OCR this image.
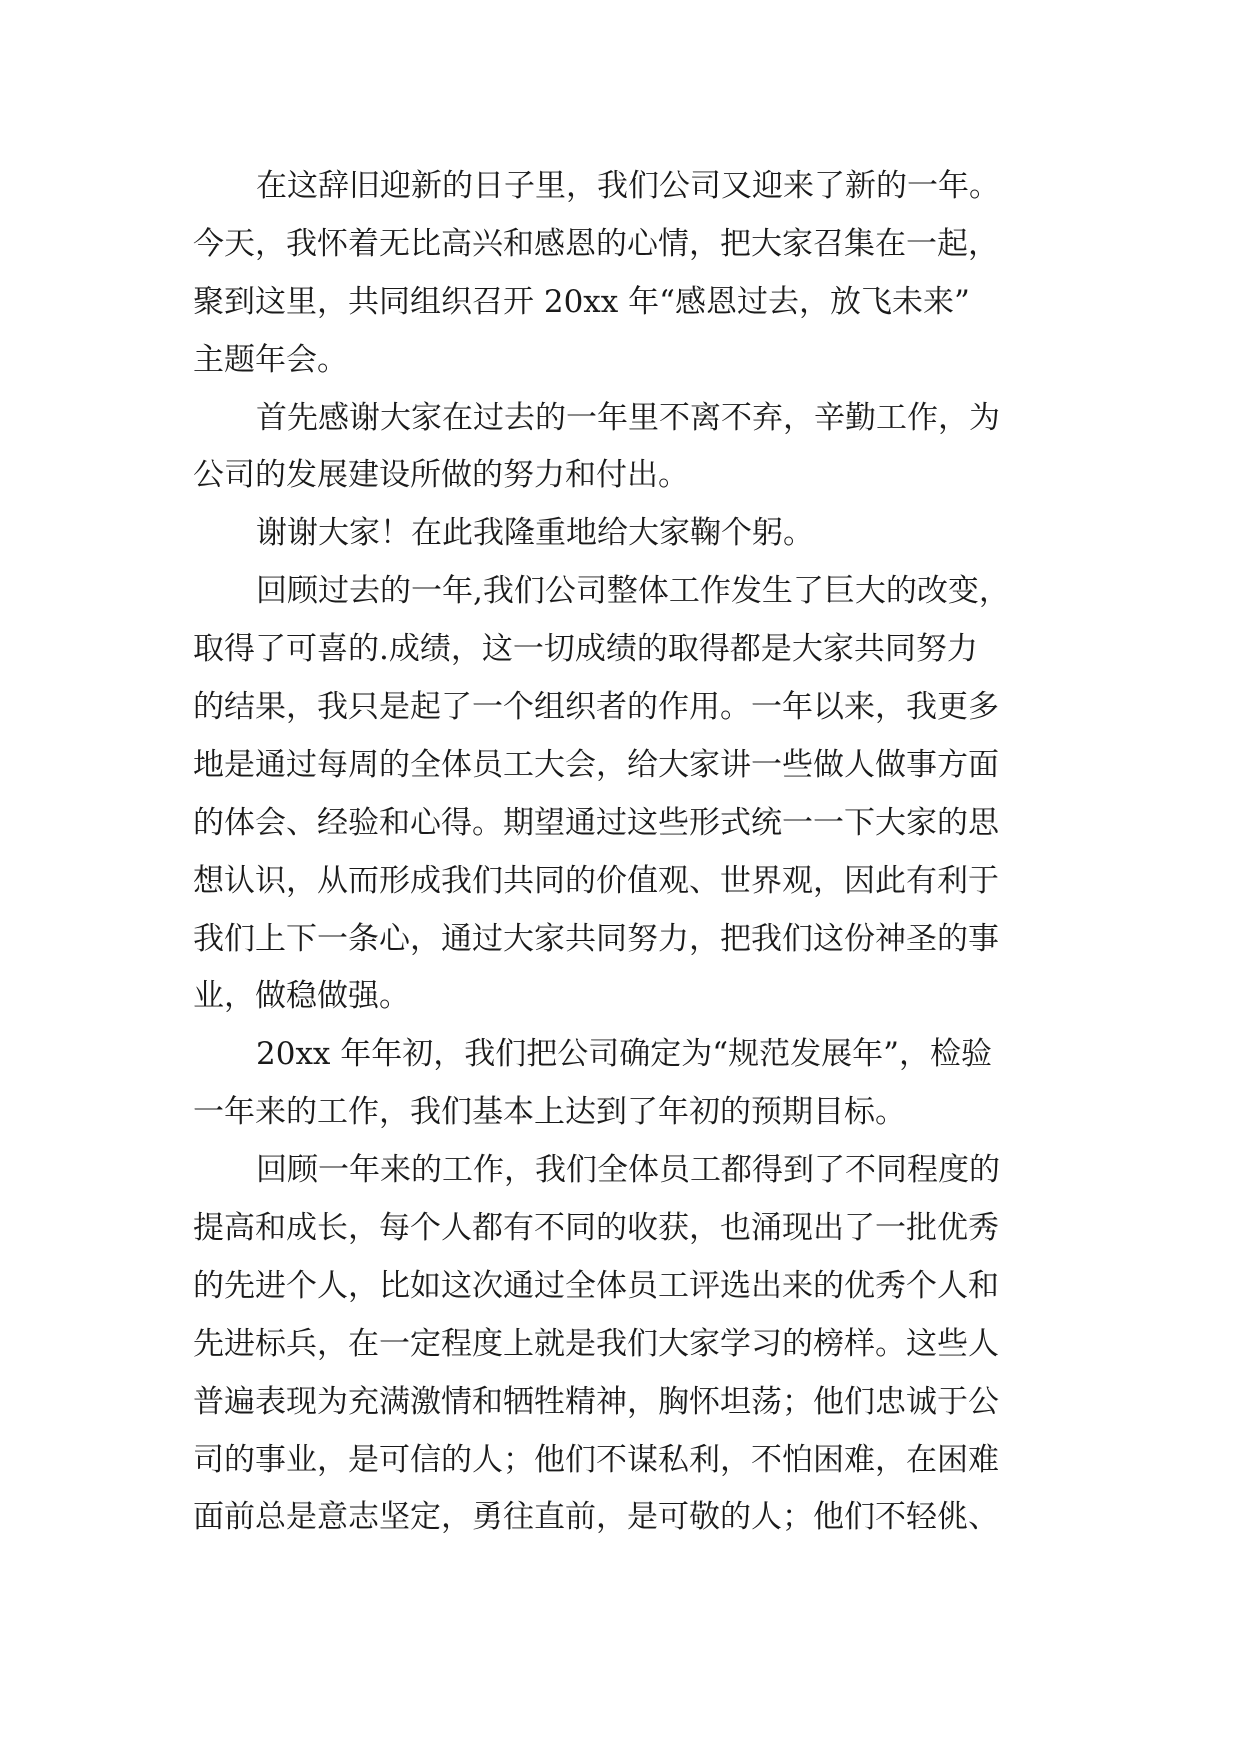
在这辞旧迎新的日子里，我们公司又迎来了新的一年。
今天，我怀着无比高兴和感恩的心情，把大家召集在一起，
聚到这里，共同组织召开 20xx 年“感恩过去，放飞未来”
主题年会。
首先感谢大家在过去的一年里不离不弃，辛勤工作，为
公司的发展建设所做的努力和付出。
谢谢大家！在此我隆重地给大家鞠个躬。
回顾过去的一年,我们公司整体工作发生了巨大的改变，
取得了可喜的.成绩，这一切成绩的取得都是大家共同努力
的结果，我只是起了一个组织者的作用。一年以来，我更多
地是通过每周的全体员工大会，给大家讲一些做人做事方面
的体会、经验和心得。期望通过这些形式统一一下大家的思
想认识，从而形成我们共同的价值观、世界观，因此有利于
我们上下一条心，通过大家共同努力，把我们这份神圣的事
业，做稳做强。
20xx 年年初，我们把公司确定为“规范发展年”，检验
一年来的工作，我们基本上达到了年初的预期目标。
回顾一年来的工作，我们全体员工都得到了不同程度的
提高和成长，每个人都有不同的收获，也涌现出了一批优秀
的先进个人，比如这次通过全体员工评选出来的优秀个人和
先进标兵，在一定程度上就是我们大家学习的榜样。这些人
普遍表现为充满激情和牺牲精神，胸怀坦荡；他们忠诚于公
司的事业，是可信的人；他们不谋私利，不怕困难，在困难
面前总是意志坚定，勇往直前，是可敬的人；他们不轻佻、
